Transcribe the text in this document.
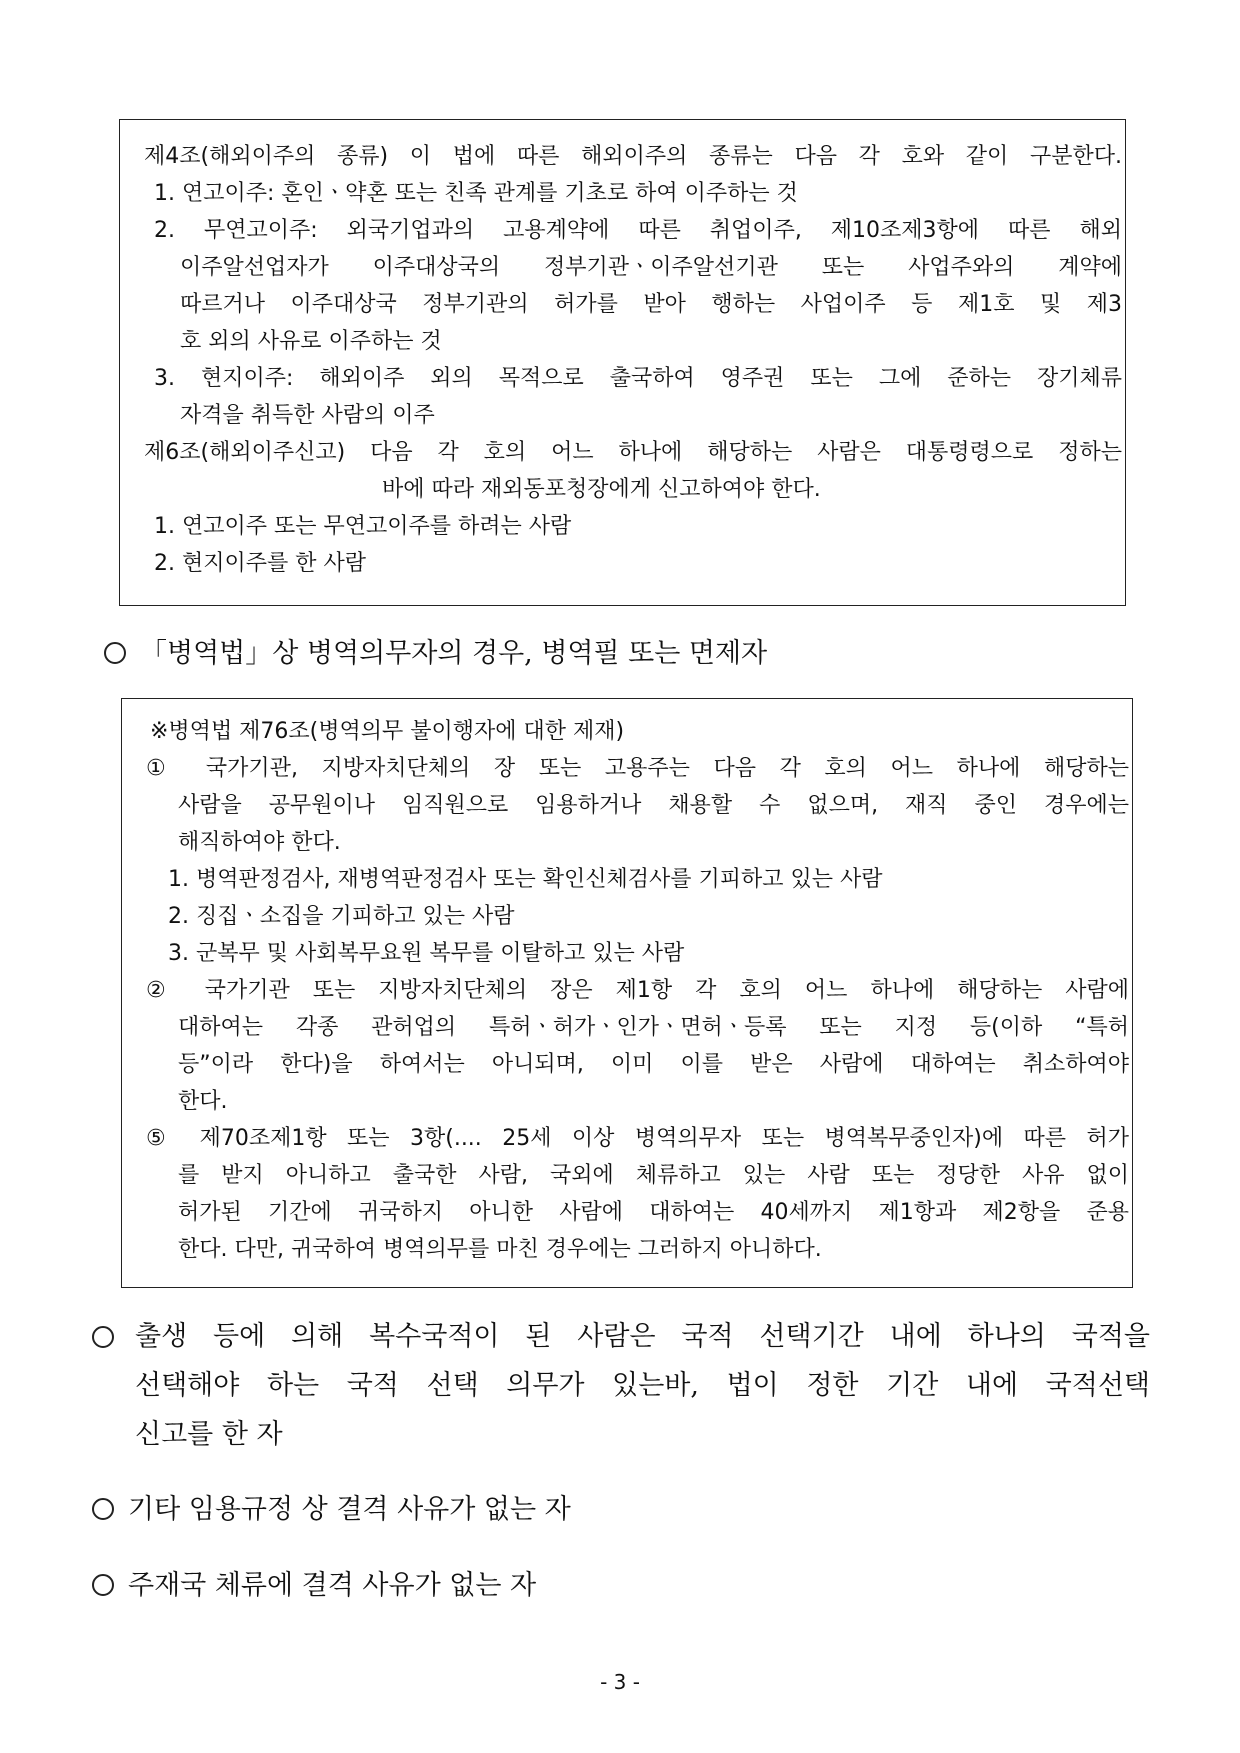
제4조(해외이주의 종류) 이 법에 따른 해외이주의 종류는 다음 각 호와 같이 구분한다.
1. 연고이주: 혼인ㆍ약혼 또는 친족 관계를 기초로 하여 이주하는 것
2. 무연고이주: 외국기업과의 고용계약에 따른 취업이주, 제10조제3항에 따른 해외
이주알선업자가 이주대상국의 정부기관ㆍ이주알선기관 또는 사업주와의 계약에
따르거나 이주대상국 정부기관의 허가를 받아 행하는 사업이주 등 제1호 및 제3
호 외의 사유로 이주하는 것
3. 현지이주: 해외이주 외의 목적으로 출국하여 영주권 또는 그에 준하는 장기체류
자격을 취득한 사람의 이주
제6조(해외이주신고) 다음 각 호의 어느 하나에 해당하는 사람은 대통령령으로 정하는
바에 따라 재외동포청장에게 신고하여야 한다.
1. 연고이주 또는 무연고이주를 하려는 사람
2. 현지이주를 한 사람
「병역법」상 병역의무자의 경우, 병역필 또는 면제자
※병역법 제76조(병역의무 불이행자에 대한 제재)
① 국가기관, 지방자치단체의 장 또는 고용주는 다음 각 호의 어느 하나에 해당하는
사람을 공무원이나 임직원으로 임용하거나 채용할 수 없으며, 재직 중인 경우에는
해직하여야 한다.
1. 병역판정검사, 재병역판정검사 또는 확인신체검사를 기피하고 있는 사람
2. 징집ㆍ소집을 기피하고 있는 사람
3. 군복무 및 사회복무요원 복무를 이탈하고 있는 사람
② 국가기관 또는 지방자치단체의 장은 제1항 각 호의 어느 하나에 해당하는 사람에
대하여는 각종 관허업의 특허ㆍ허가ㆍ인가ㆍ면허ㆍ등록 또는 지정 등(이하 “특허
등”이라 한다)을 하여서는 아니되며, 이미 이를 받은 사람에 대하여는 취소하여야
한다.
⑤ 제70조제1항 또는 3항(.... 25세 이상 병역의무자 또는 병역복무중인자)에 따른 허가
를 받지 아니하고 출국한 사람, 국외에 체류하고 있는 사람 또는 정당한 사유 없이
허가된 기간에 귀국하지 아니한 사람에 대하여는 40세까지 제1항과 제2항을 준용
한다. 다만, 귀국하여 병역의무를 마친 경우에는 그러하지 아니하다.
출생 등에 의해 복수국적이 된 사람은 국적 선택기간 내에 하나의 국적을
선택해야 하는 국적 선택 의무가 있는바, 법이 정한 기간 내에 국적선택
신고를 한 자
기타 임용규정 상 결격 사유가 없는 자
주재국 체류에 결격 사유가 없는 자
- 3 -
